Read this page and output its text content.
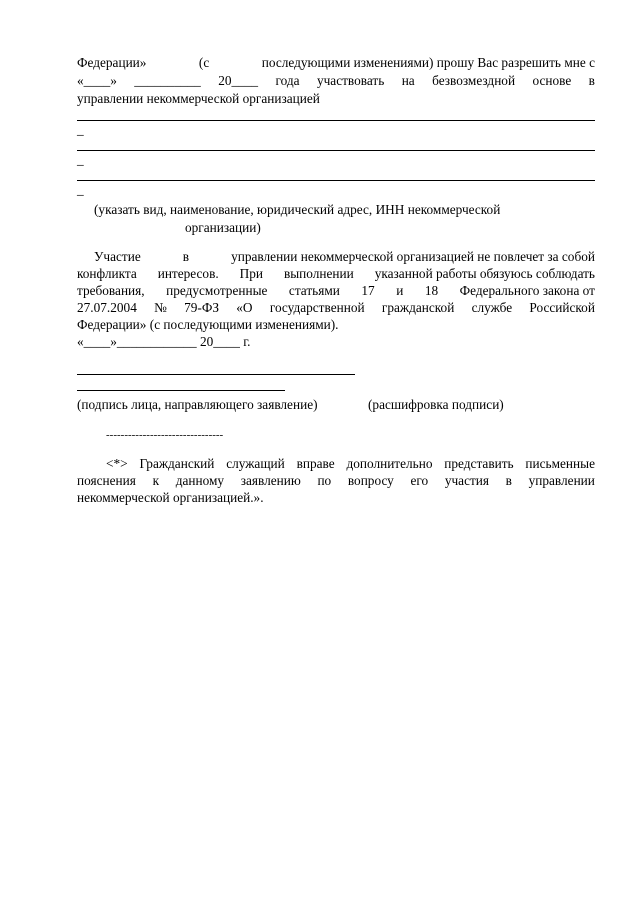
Федерации»	(с	последующими изменениями) прошу Вас разрешить мне с
«____» __________ 20____ года участвовать на безвозмездной основе в
управлении некоммерческой организацией
_
_
_
(указать вид, наименование, юридический адрес, ИНН некоммерческой
организации)
Участие	в	управлении некоммерческой организацией не повлечет за собой
конфликта интересов. При выполнении указанной работы обязуюсь соблюдать
требования, предусмотренные статьями 17 и 18 Федерального закона от
27.07.2004 № 79-ФЗ «О государственной гражданской службе Российской
Федерации» (с последующими изменениями).
«____»____________ 20____ г.
(подпись лица, направляющего заявление)	(расшифровка подписи)
--------------------------------
<*> Гражданский служащий вправе дополнительно представить письменные
пояснения к данному заявлению по вопросу его участия в управлении
некоммерческой организацией.».
